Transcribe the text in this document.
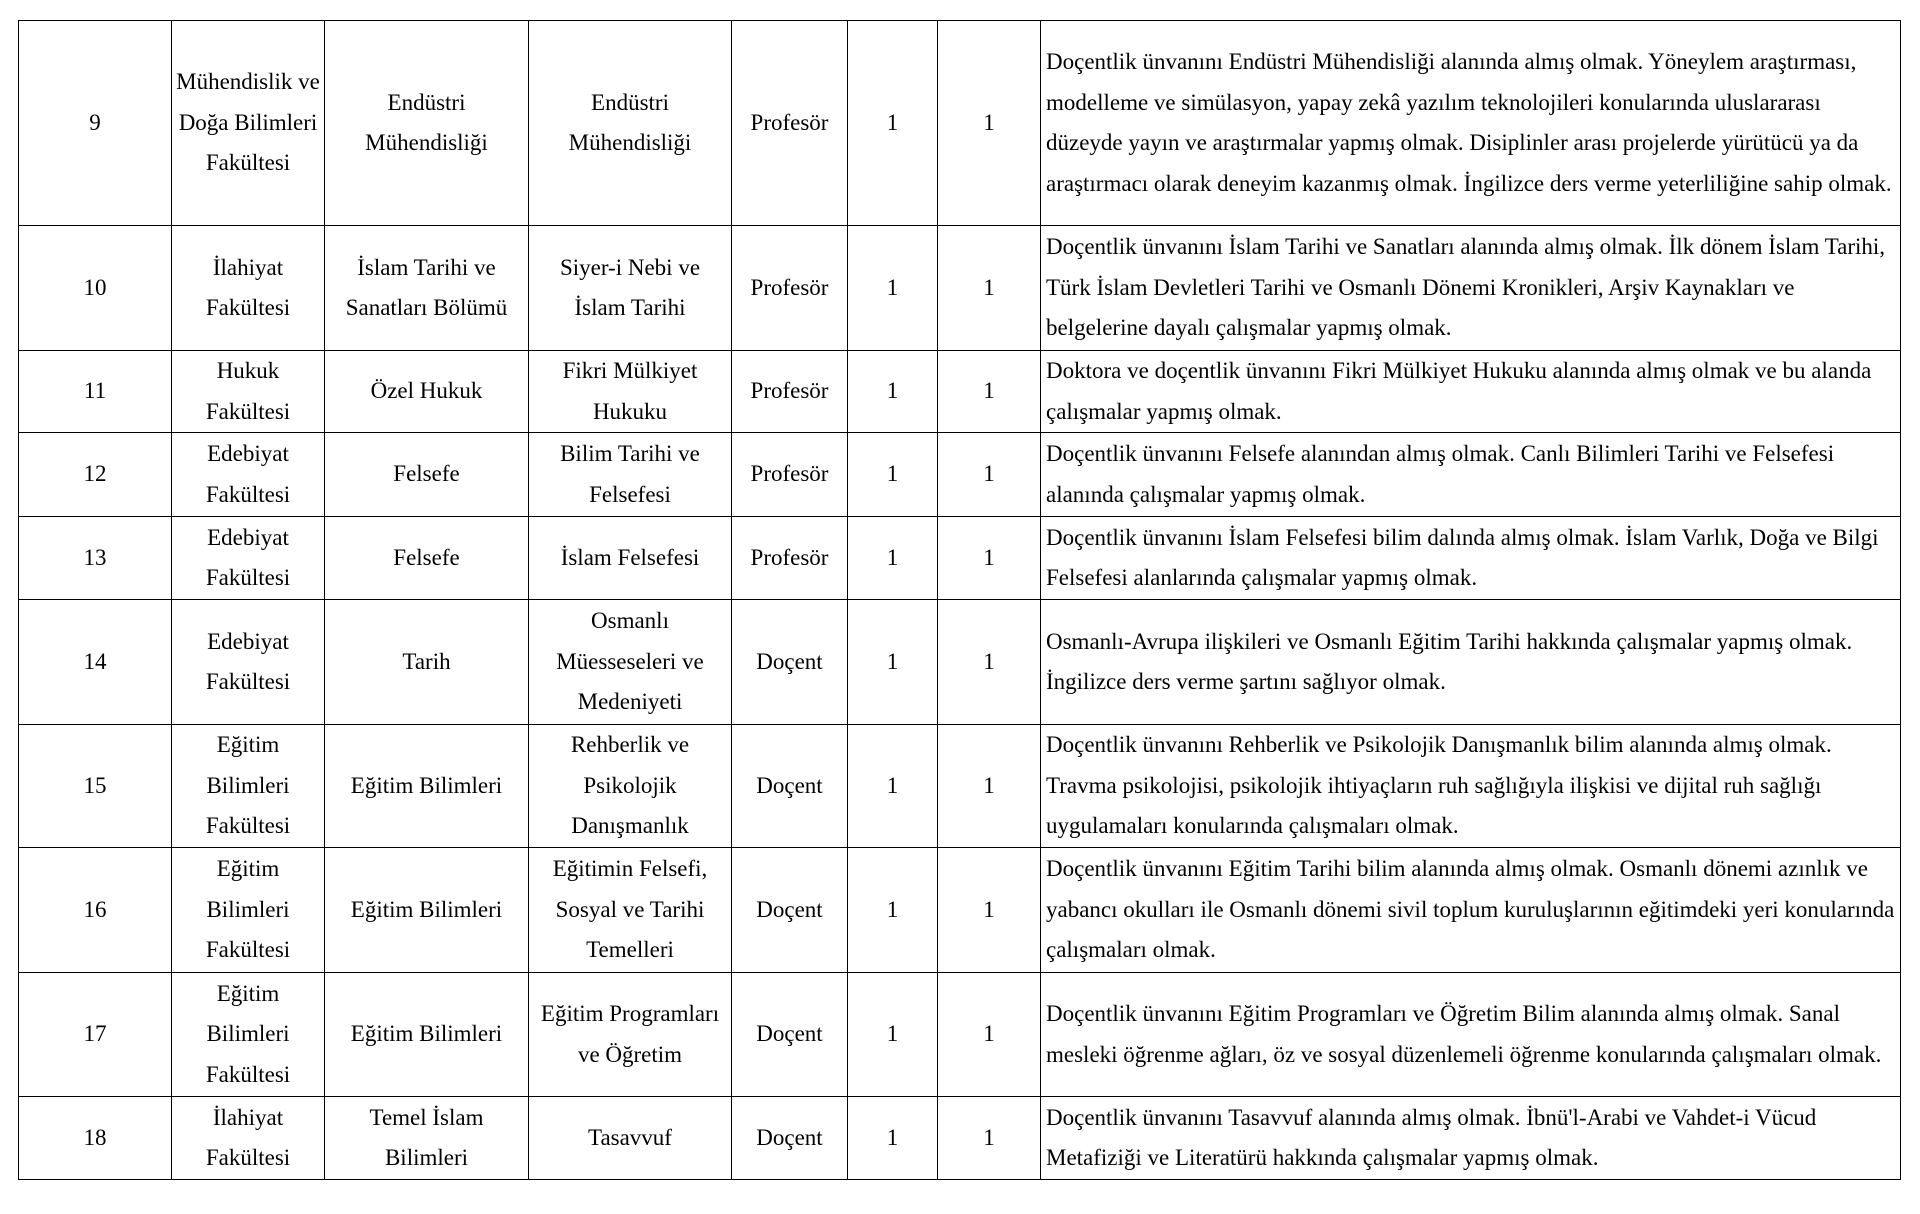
9	Mühendislik ve Doğa Bilimleri Fakültesi	Endüstri Mühendisliği	Endüstri Mühendisliği	Profesör	1	1	Doçentlik ünvanını Endüstri Mühendisliği alanında almış olmak. Yöneylem araştırması, modelleme ve simülasyon, yapay zekâ yazılım teknolojileri konularında uluslararası düzeyde yayın ve araştırmalar yapmış olmak. Disiplinler arası projelerde yürütücü ya da araştırmacı olarak deneyim kazanmış olmak. İngilizce ders verme yeterliliğine sahip olmak.
10	İlahiyat Fakültesi	İslam Tarihi ve Sanatları Bölümü	Siyer-i Nebi ve İslam Tarihi	Profesör	1	1	Doçentlik ünvanını İslam Tarihi ve Sanatları alanında almış olmak. İlk dönem İslam Tarihi, Türk İslam Devletleri Tarihi ve Osmanlı Dönemi Kronikleri, Arşiv Kaynakları ve belgelerine dayalı çalışmalar yapmış olmak.
11	Hukuk Fakültesi	Özel Hukuk	Fikri Mülkiyet Hukuku	Profesör	1	1	Doktora ve doçentlik ünvanını Fikri Mülkiyet Hukuku alanında almış olmak ve bu alanda çalışmalar yapmış olmak.
12	Edebiyat Fakültesi	Felsefe	Bilim Tarihi ve Felsefesi	Profesör	1	1	Doçentlik ünvanını Felsefe alanından almış olmak. Canlı Bilimleri Tarihi ve Felsefesi alanında çalışmalar yapmış olmak.
13	Edebiyat Fakültesi	Felsefe	İslam Felsefesi	Profesör	1	1	Doçentlik ünvanını İslam Felsefesi bilim dalında almış olmak. İslam Varlık, Doğa ve Bilgi Felsefesi alanlarında çalışmalar yapmış olmak.
14	Edebiyat Fakültesi	Tarih	Osmanlı Müesseseleri ve Medeniyeti	Doçent	1	1	Osmanlı-Avrupa ilişkileri ve Osmanlı Eğitim Tarihi hakkında çalışmalar yapmış olmak. İngilizce ders verme şartını sağlıyor olmak.
15	Eğitim Bilimleri Fakültesi	Eğitim Bilimleri	Rehberlik ve Psikolojik Danışmanlık	Doçent	1	1	Doçentlik ünvanını Rehberlik ve Psikolojik Danışmanlık bilim alanında almış olmak. Travma psikolojisi, psikolojik ihtiyaçların ruh sağlığıyla ilişkisi ve dijital ruh sağlığı uygulamaları konularında çalışmaları olmak.
16	Eğitim Bilimleri Fakültesi	Eğitim Bilimleri	Eğitimin Felsefi, Sosyal ve Tarihi Temelleri	Doçent	1	1	Doçentlik ünvanını Eğitim Tarihi bilim alanında almış olmak. Osmanlı dönemi azınlık ve yabancı okulları ile Osmanlı dönemi sivil toplum kuruluşlarının eğitimdeki yeri konularında çalışmaları olmak.
17	Eğitim Bilimleri Fakültesi	Eğitim Bilimleri	Eğitim Programları ve Öğretim	Doçent	1	1	Doçentlik ünvanını Eğitim Programları ve Öğretim Bilim alanında almış olmak. Sanal mesleki öğrenme ağları, öz ve sosyal düzenlemeli öğrenme konularında çalışmaları olmak.
18	İlahiyat Fakültesi	Temel İslam Bilimleri	Tasavvuf	Doçent	1	1	Doçentlik ünvanını Tasavvuf alanında almış olmak. İbnü'l-Arabi ve Vahdet-i Vücud Metafiziği ve Literatürü hakkında çalışmalar yapmış olmak.
